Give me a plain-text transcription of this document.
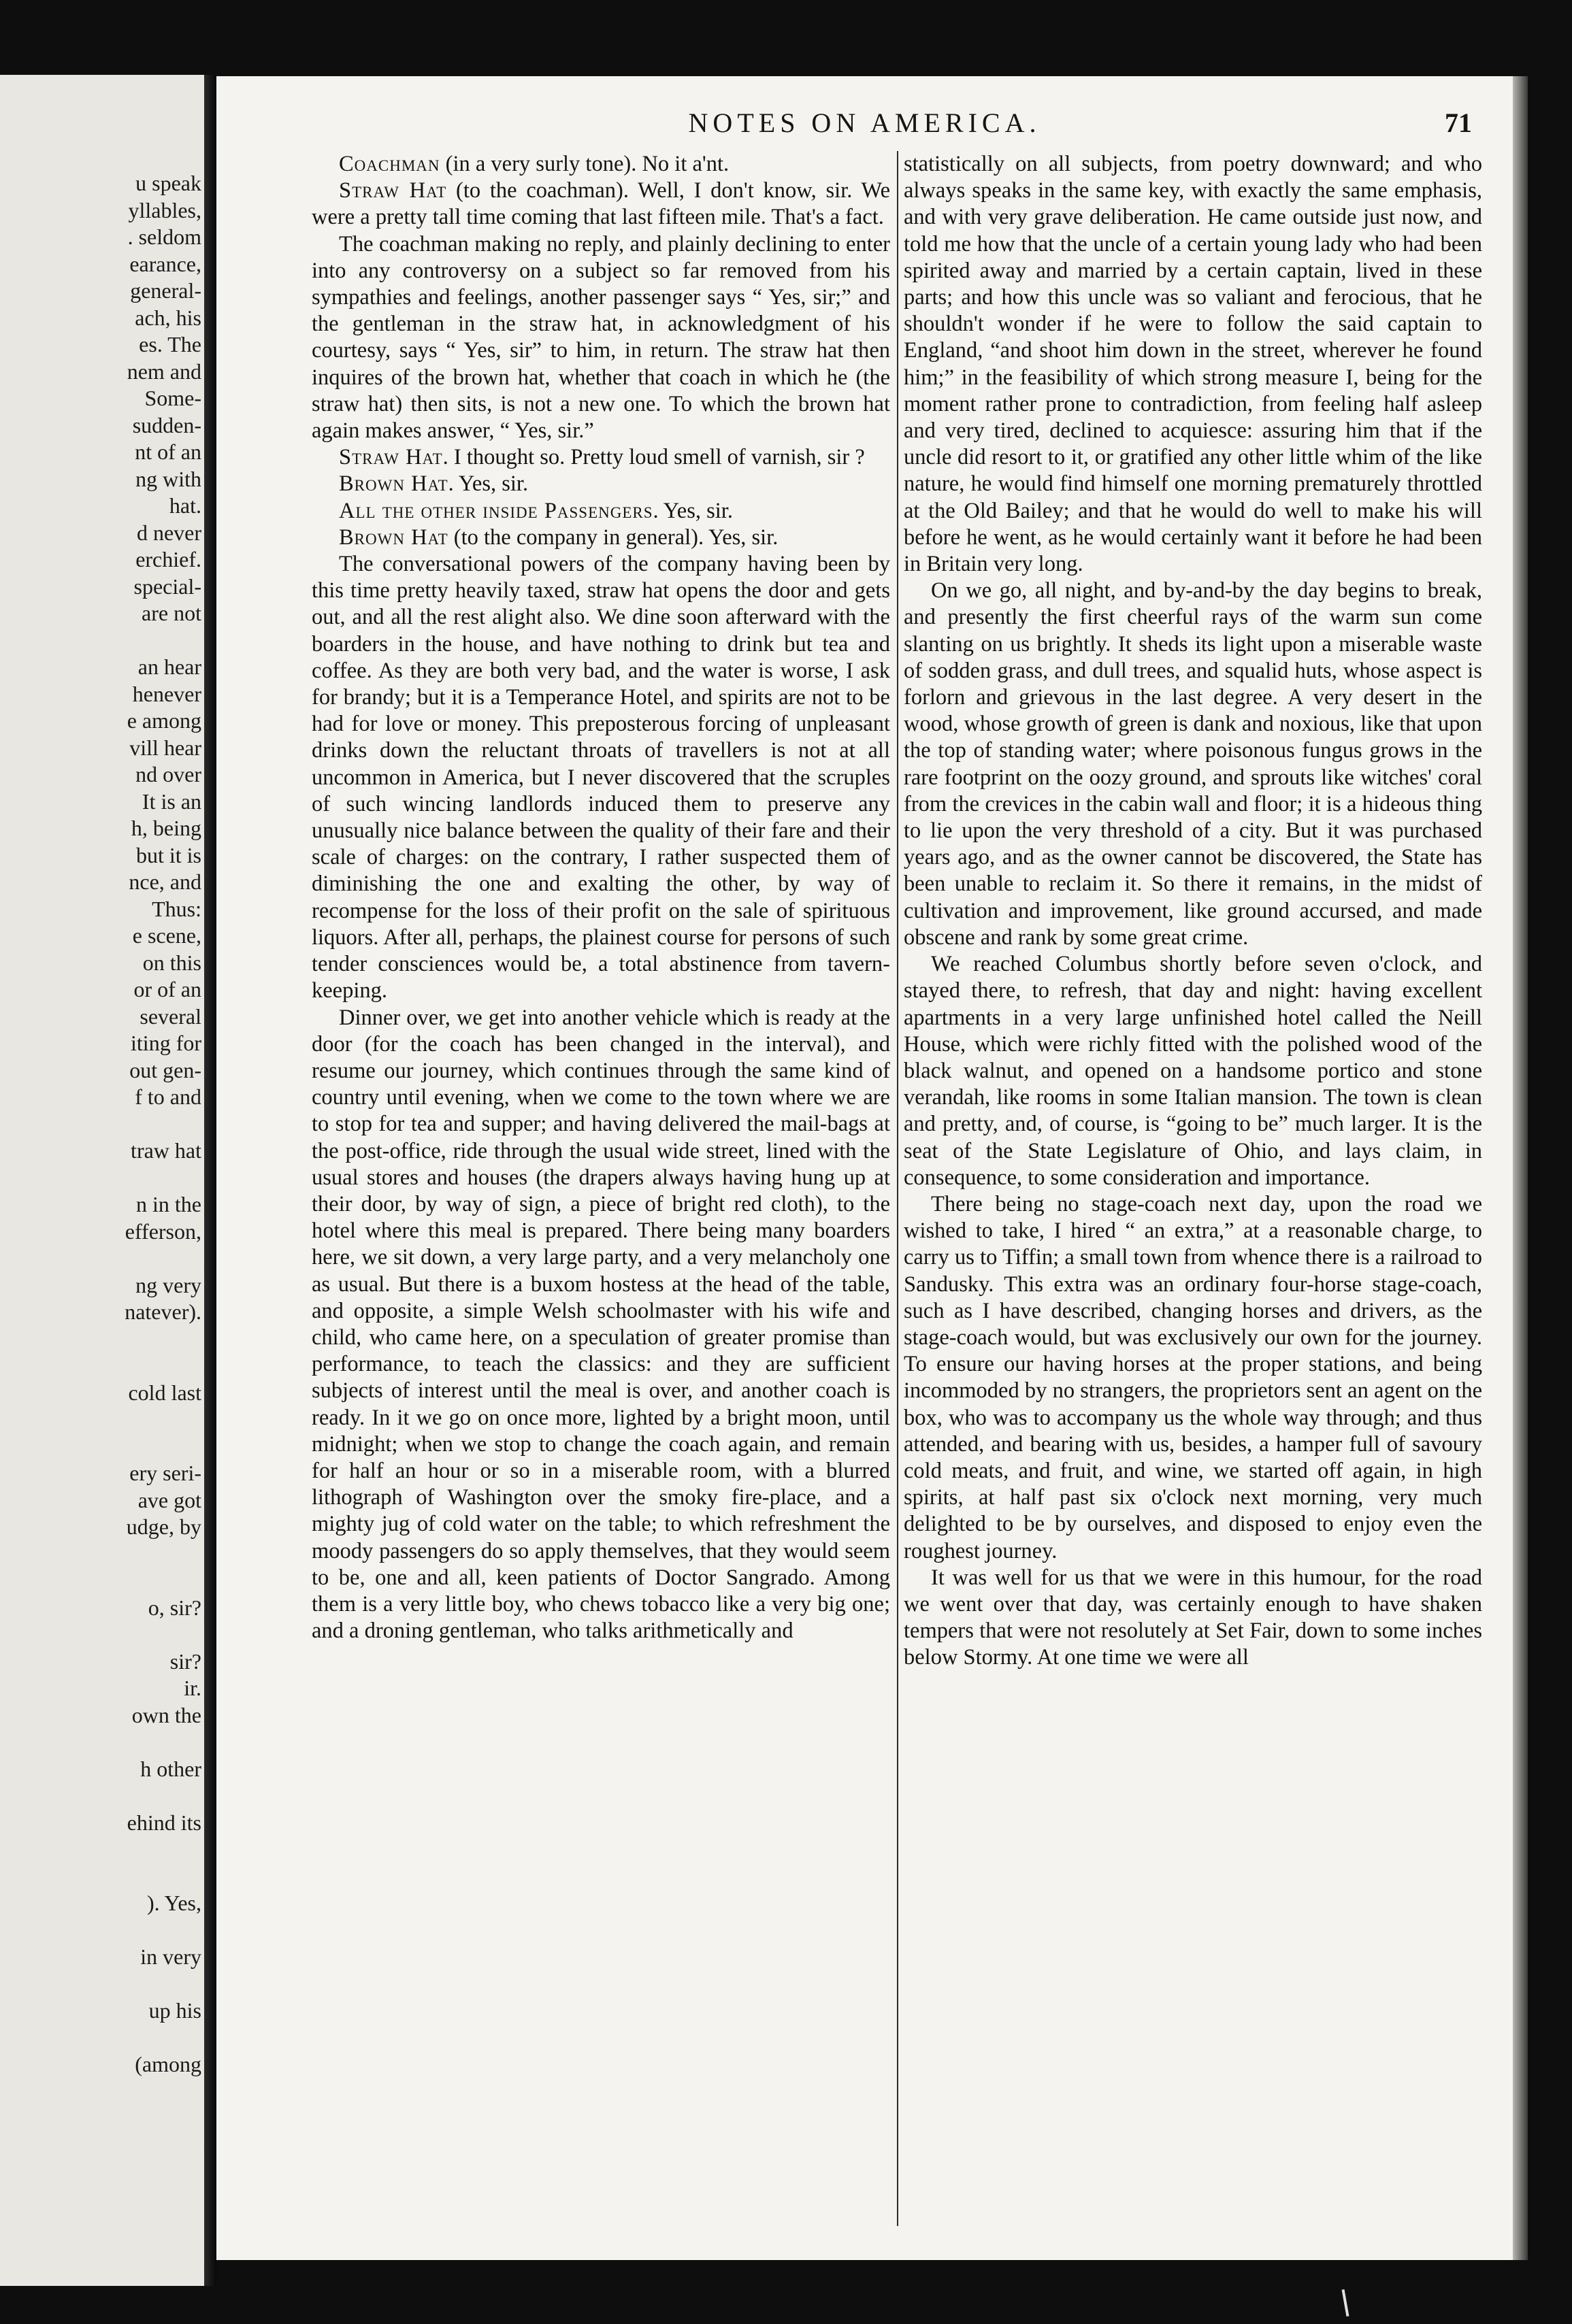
u speak
yllables,
. seldom
earance,
general-
ach, his
es. The
nem and
Some-
sudden-
nt of an
ng with
hat.
d never
erchief.
special-
are not
an hear
henever
e among
vill hear
nd over
It is an
h, being
but it is
nce, and
Thus:
e scene,
on this
or of an
several
iting for
out gen-
f to and
traw hat
n in the
efferson,
ng very
natever).
cold last
ery seri-
ave got
udge, by
o, sir?
sir?
ir.
own the
h other
ehind its
). Yes,
in very
up his
(among
NOTES ON AMERICA.	71

Coachman (in a very surly tone). No it a'nt.

Straw Hat (to the coachman). Well, I don't know, sir. We were a pretty tall time coming that last fifteen mile. That's a fact.

The coachman making no reply, and plainly declining to enter into any controversy on a subject so far removed from his sympathies and feelings, another passenger says “ Yes, sir;” and the gentleman in the straw hat, in acknowledgment of his courtesy, says “ Yes, sir” to him, in return. The straw hat then inquires of the brown hat, whether that coach in which he (the straw hat) then sits, is not a new one. To which the brown hat again makes answer, “ Yes, sir.”

Straw Hat. I thought so. Pretty loud smell of varnish, sir ?

Brown Hat. Yes, sir.

All the other inside Passengers. Yes, sir.

Brown Hat (to the company in general). Yes, sir.

The conversational powers of the company having been by this time pretty heavily taxed, straw hat opens the door and gets out, and all the rest alight also. We dine soon afterward with the boarders in the house, and have nothing to drink but tea and coffee. As they are both very bad, and the water is worse, I ask for brandy; but it is a Temperance Hotel, and spirits are not to be had for love or money. This preposterous forcing of unpleasant drinks down the reluctant throats of travellers is not at all uncommon in America, but I never discovered that the scruples of such wincing landlords induced them to preserve any unusually nice balance between the quality of their fare and their scale of charges: on the contrary, I rather suspected them of diminishing the one and exalting the other, by way of recompense for the loss of their profit on the sale of spirituous liquors. After all, perhaps, the plainest course for persons of such tender consciences would be, a total abstinence from tavern-keeping.

Dinner over, we get into another vehicle which is ready at the door (for the coach has been changed in the interval), and resume our journey, which continues through the same kind of country until evening, when we come to the town where we are to stop for tea and supper; and having delivered the mail-bags at the post-office, ride through the usual wide street, lined with the usual stores and houses (the drapers always having hung up at their door, by way of sign, a piece of bright red cloth), to the hotel where this meal is prepared. There being many boarders here, we sit down, a very large party, and a very melancholy one as usual. But there is a buxom hostess at the head of the table, and opposite, a simple Welsh schoolmaster with his wife and child, who came here, on a speculation of greater promise than performance, to teach the classics: and they are sufficient subjects of interest until the meal is over, and another coach is ready. In it we go on once more, lighted by a bright moon, until midnight; when we stop to change the coach again, and remain for half an hour or so in a miserable room, with a blurred lithograph of Washington over the smoky fire-place, and a mighty jug of cold water on the table; to which refreshment the moody passengers do so apply themselves, that they would seem to be, one and all, keen patients of Doctor Sangrado. Among them is a very little boy, who chews tobacco like a very big one; and a droning gentleman, who talks arithmetically and

statistically on all subjects, from poetry downward; and who always speaks in the same key, with exactly the same emphasis, and with very grave deliberation. He came outside just now, and told me how that the uncle of a certain young lady who had been spirited away and married by a certain captain, lived in these parts; and how this uncle was so valiant and ferocious, that he shouldn't wonder if he were to follow the said captain to England, “and shoot him down in the street, wherever he found him;” in the feasibility of which strong measure I, being for the moment rather prone to contradiction, from feeling half asleep and very tired, declined to acquiesce: assuring him that if the uncle did resort to it, or gratified any other little whim of the like nature, he would find himself one morning prematurely throttled at the Old Bailey; and that he would do well to make his will before he went, as he would certainly want it before he had been in Britain very long.

On we go, all night, and by-and-by the day begins to break, and presently the first cheerful rays of the warm sun come slanting on us brightly. It sheds its light upon a miserable waste of sodden grass, and dull trees, and squalid huts, whose aspect is forlorn and grievous in the last degree. A very desert in the wood, whose growth of green is dank and noxious, like that upon the top of standing water; where poisonous fungus grows in the rare footprint on the oozy ground, and sprouts like witches' coral from the crevices in the cabin wall and floor; it is a hideous thing to lie upon the very threshold of a city. But it was purchased years ago, and as the owner cannot be discovered, the State has been unable to reclaim it. So there it remains, in the midst of cultivation and improvement, like ground accursed, and made obscene and rank by some great crime.

We reached Columbus shortly before seven o'clock, and stayed there, to refresh, that day and night: having excellent apartments in a very large unfinished hotel called the Neill House, which were richly fitted with the polished wood of the black walnut, and opened on a handsome portico and stone verandah, like rooms in some Italian mansion. The town is clean and pretty, and, of course, is “going to be” much larger. It is the seat of the State Legislature of Ohio, and lays claim, in consequence, to some consideration and importance.

There being no stage-coach next day, upon the road we wished to take, I hired “ an extra,” at a reasonable charge, to carry us to Tiffin; a small town from whence there is a railroad to Sandusky. This extra was an ordinary four-horse stage-coach, such as I have described, changing horses and drivers, as the stage-coach would, but was exclusively our own for the journey. To ensure our having horses at the proper stations, and being incommoded by no strangers, the proprietors sent an agent on the box, who was to accompany us the whole way through; and thus attended, and bearing with us, besides, a hamper full of savoury cold meats, and fruit, and wine, we started off again, in high spirits, at half past six o'clock next morning, very much delighted to be by ourselves, and disposed to enjoy even the roughest journey.

It was well for us that we were in this humour, for the road we went over that day, was certainly enough to have shaken tempers that were not resolutely at Set Fair, down to some inches below Stormy. At one time we were all
